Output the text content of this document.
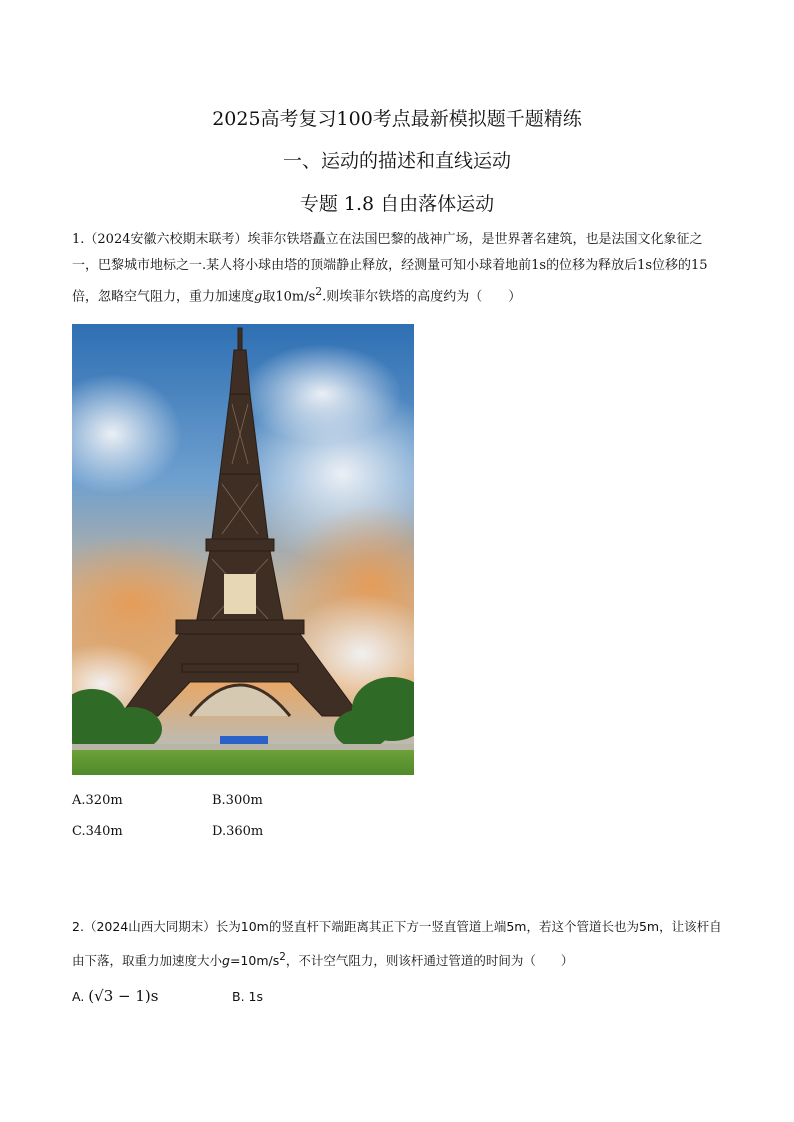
2025高考复习100考点最新模拟题千题精练
一、运动的描述和直线运动
专题 1.8 自由落体运动

1.（2024安徽六校期末联考）埃菲尔铁塔矗立在法国巴黎的战神广场，是世界著名建筑，也是法国文化象征之一，巴黎城市地标之一.某人将小球由塔的顶端静止释放，经测量可知小球着地前1s的位移为释放后1s位移的15倍，忽略空气阻力，重力加速度g取$10m/s^2$.则埃菲尔铁塔的高度约为（　　）

A.320m	B.300m

C.340m	D.360m

2.（2024山西大同期末）长为10m的竖直杆下端距离其正下方一竖直管道上端5m，若这个管道长也为5m，让该杆自由下落，取重力加速度大小$g=10m/s^2$，不计空气阻力，则该杆通过管道的时间为（　　）

A. (√3 − 1)s	B. 1s
